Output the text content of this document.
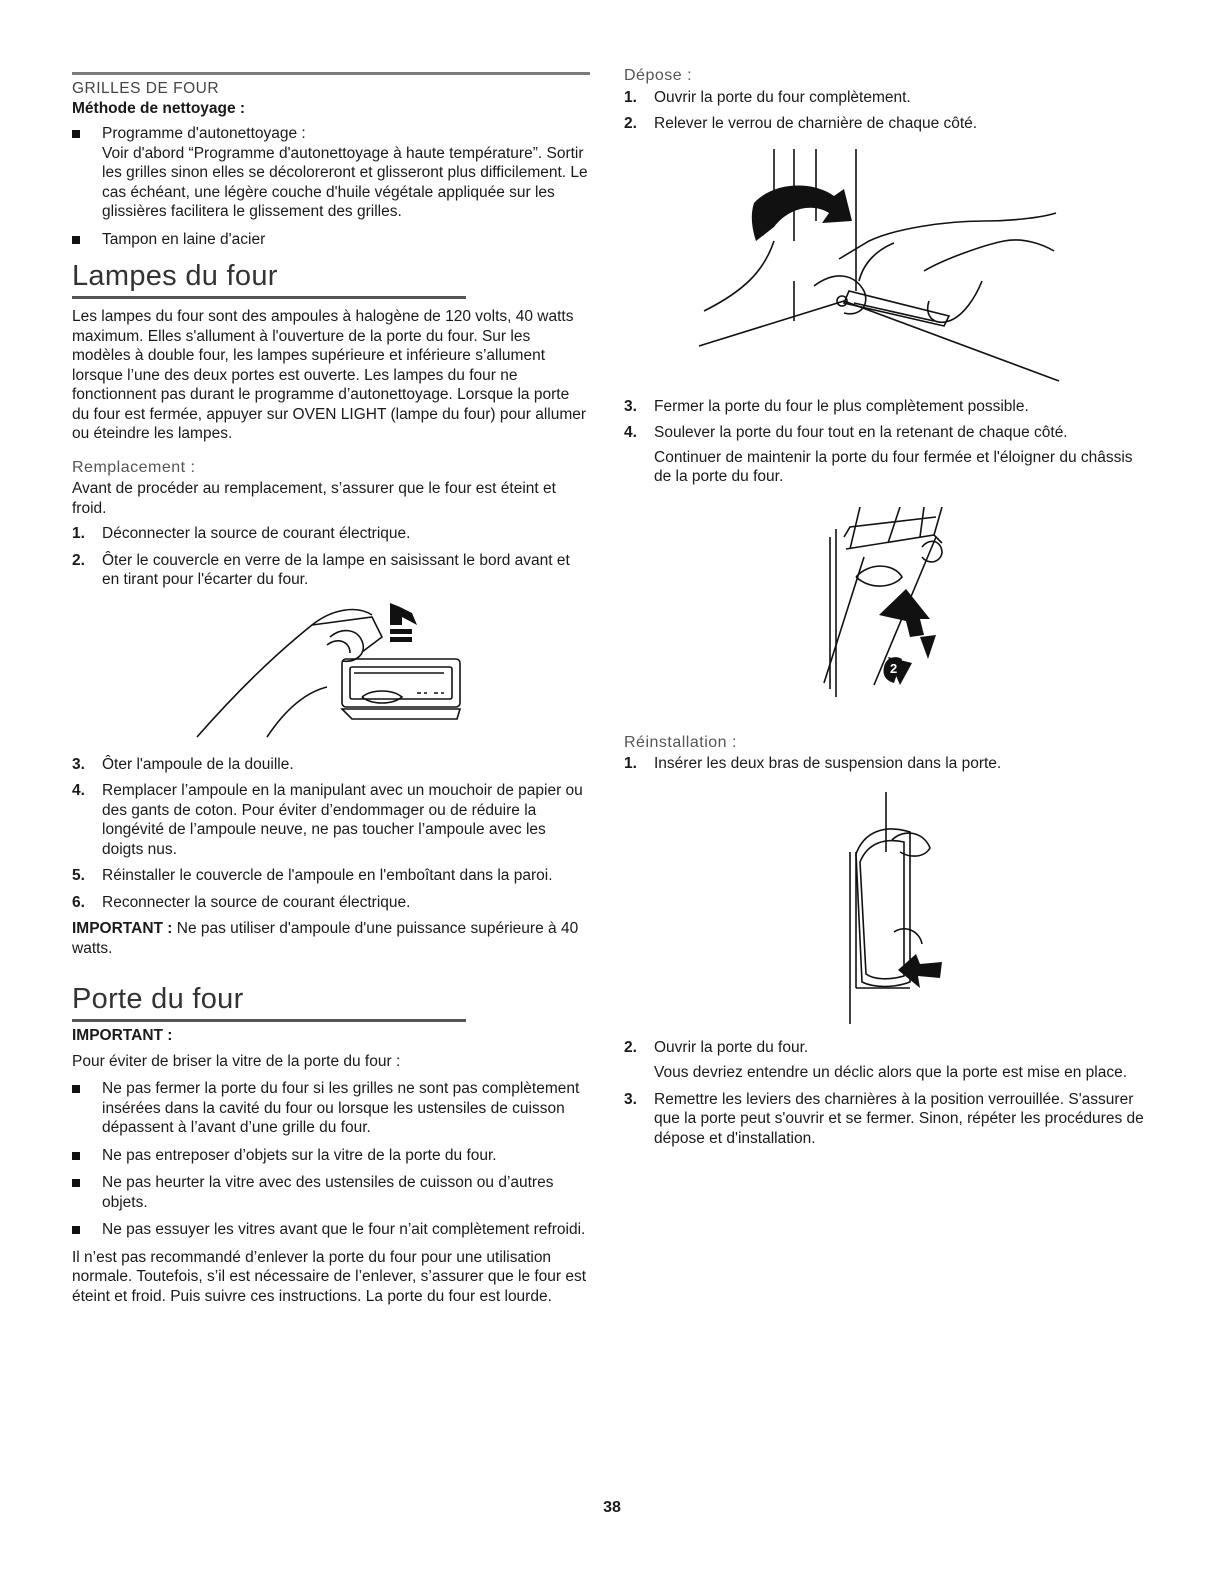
GRILLES DE FOUR

Méthode de nettoyage :

Programme d'autonettoyage :
Voir d'abord “Programme d'autonettoyage à haute température”. Sortir les grilles sinon elles se décoloreront et glisseront plus difficilement. Le cas échéant, une légère couche d'huile végétale appliquée sur les glissières facilitera le glissement des grilles.
Tampon en laine d'acier
Lampes du four

Les lampes du four sont des ampoules à halogène de 120 volts, 40 watts maximum. Elles s'allument à l'ouverture de la porte du four. Sur les modèles à double four, les lampes supérieure et inférieure s’allument lorsque l’une des deux portes est ouverte. Les lampes du four ne fonctionnent pas durant le programme d’autonettoyage. Lorsque la porte du four est fermée, appuyer sur OVEN LIGHT (lampe du four) pour allumer ou éteindre les lampes.

Remplacement :

Avant de procéder au remplacement, s’assurer que le four est éteint et froid.

1.	Déconnecter la source de courant électrique.
2.	Ôter le couvercle en verre de la lampe en saisissant le bord avant et en tirant pour l'écarter du four.
3.	Ôter l'ampoule de la douille.
4.	Remplacer l’ampoule en la manipulant avec un mouchoir de papier ou des gants de coton. Pour éviter d’endommager ou de réduire la longévité de l’ampoule neuve, ne pas toucher l’ampoule avec les doigts nus.
5.	Réinstaller le couvercle de l'ampoule en l'emboîtant dans la paroi.
6.	Reconnecter la source de courant électrique.

IMPORTANT : Ne pas utiliser d'ampoule d'une puissance supérieure à 40 watts.

Porte du four

IMPORTANT :

Pour éviter de briser la vitre de la porte du four :

Ne pas fermer la porte du four si les grilles ne sont pas complètement insérées dans la cavité du four ou lorsque les ustensiles de cuisson dépassent à l’avant d’une grille du four.
Ne pas entreposer d’objets sur la vitre de la porte du four.
Ne pas heurter la vitre avec des ustensiles de cuisson ou d’autres objets.
Ne pas essuyer les vitres avant que le four n’ait complètement refroidi.

Il n’est pas recommandé d’enlever la porte du four pour une utilisation normale. Toutefois, s’il est nécessaire de l’enlever, s’assurer que le four est éteint et froid. Puis suivre ces instructions. La porte du four est lourde.

Dépose :

1.	Ouvrir la porte du four complètement.
2.	Relever le verrou de charnière de chaque côté.
3.	Fermer la porte du four le plus complètement possible.
4.	Soulever la porte du four tout en la retenant de chaque côté.

Continuer de maintenir la porte du four fermée et l'éloigner du châssis de la porte du four.

1
2

Réinstallation :

1.	Insérer les deux bras de suspension dans la porte.
2.	Ouvrir la porte du four.

Vous devriez entendre un déclic alors que la porte est mise en place.

3.	Remettre les leviers des charnières à la position verrouillée. S'assurer que la porte peut s'ouvrir et se fermer. Sinon, répéter les procédures de dépose et d'installation.
38
